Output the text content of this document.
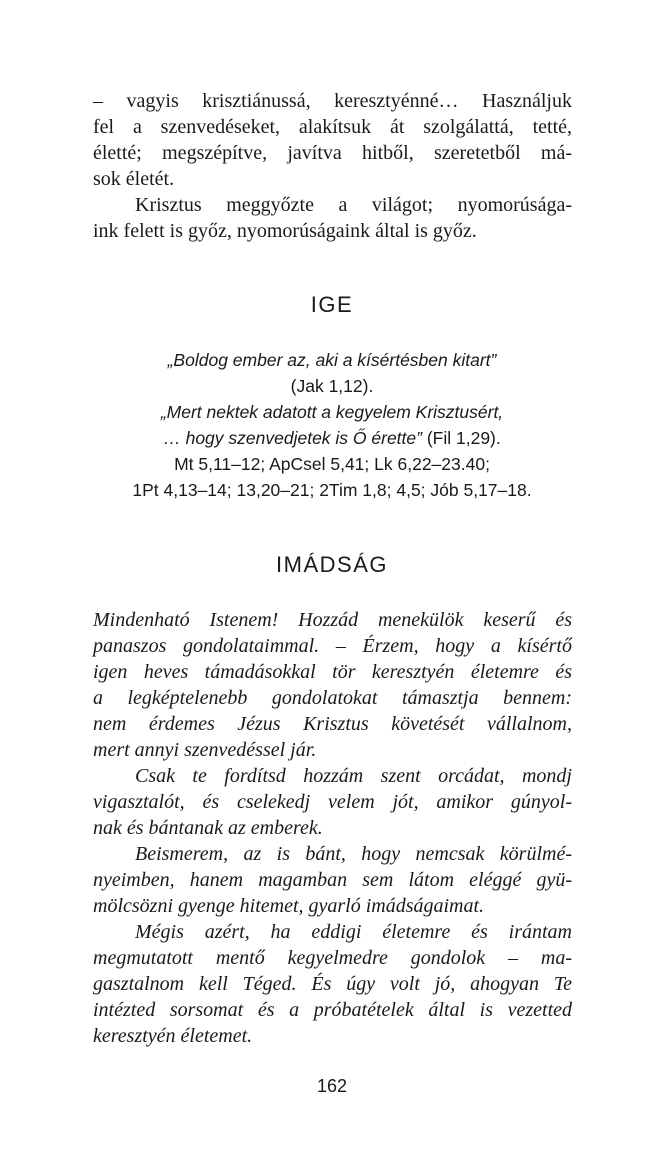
– vagyis krisztiánussá, keresztyénné… Használjuk
fel a szenvedéseket, alakítsuk át szolgálattá, tetté,
életté; megszépítve, javítva hitből, szeretetből má-
sok életét.
Krisztus meggyőzte a világot; nyomorúsága-
ink felett is győz, nyomorúságaink által is győz.
IGE
„Boldog ember az, aki a kísértésben kitart”
(Jak 1,12).
„Mert nektek adatott a kegyelem Krisztusért,
… hogy szenvedjetek is Ő érette” (Fil 1,29).
Mt 5,11–12; ApCsel 5,41; Lk 6,22–23.40;
1Pt 4,13–14; 13,20–21; 2Tim 1,8; 4,5; Jób 5,17–18.
IMÁDSÁG
Mindenható Istenem! Hozzád menekülök keserű és
panaszos gondolataimmal. – Érzem, hogy a kísértő
igen heves támadásokkal tör keresztyén életemre és
a legképtelenebb gondolatokat támasztja bennem:
nem érdemes Jézus Krisztus követését vállalnom,
mert annyi szenvedéssel jár.
Csak te fordítsd hozzám szent orcádat, mondj
vigasztalót, és cselekedj velem jót, amikor gúnyol-
nak és bántanak az emberek.
Beismerem, az is bánt, hogy nemcsak körülmé-
nyeimben, hanem magamban sem látom eléggé gyü-
mölcsözni gyenge hitemet, gyarló imádságaimat.
Mégis azért, ha eddigi életemre és irántam
megmutatott mentő kegyelmedre gondolok – ma-
gasztalnom kell Téged. És úgy volt jó, ahogyan Te
intézted sorsomat és a próbatételek által is vezetted
keresztyén életemet.
162
